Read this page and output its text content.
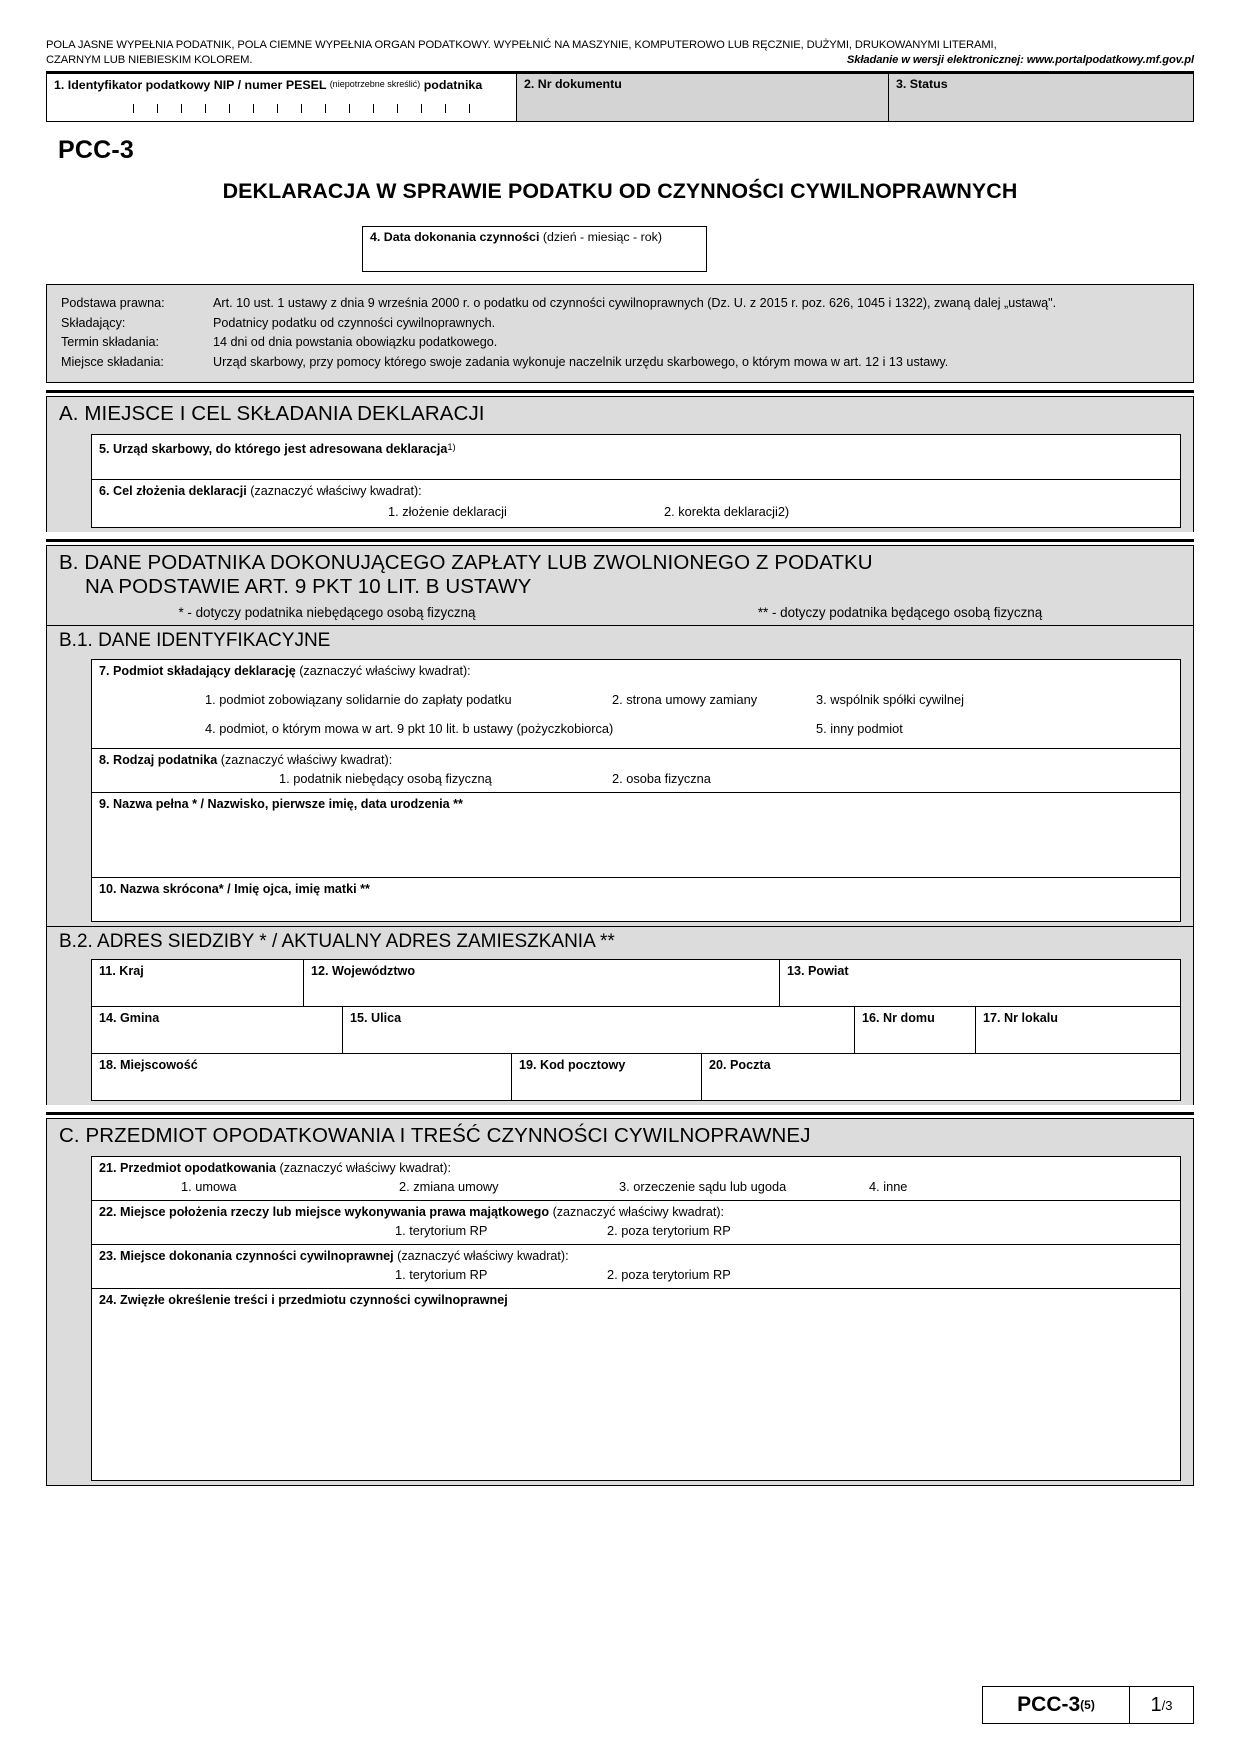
POLA JASNE WYPEŁNIA PODATNIK, POLA CIEMNE WYPEŁNIA ORGAN PODATKOWY. WYPEŁNIĆ NA MASZYNIE, KOMPUTEROWO LUB RĘCZNIE, DUŻYMI, DRUKOWANYMI LITERAMI,
CZARNYM LUB NIEBIESKIM KOLOREM.	Składanie w wersji elektronicznej: www.portalpodatkowy.mf.gov.pl
1. Identyfikator podatkowy NIP / numer PESEL $^{(niepotrzebne skreślić)}$ podatnika	2. Nr dokumentu	3. Status
PCC-3
DEKLARACJA W SPRAWIE PODATKU OD CZYNNOŚCI CYWILNOPRAWNYCH
4. Data dokonania czynności (dzień - miesiąc - rok)
Podstawa prawna:	Art. 10 ust. 1 ustawy z dnia 9 września 2000 r. o podatku od czynności cywilnoprawnych (Dz. U. z 2015 r. poz. 626, 1045 i 1322), zwaną dalej „ustawą".
Składający:	Podatnicy podatku od czynności cywilnoprawnych.
Termin składania:	14 dni od dnia powstania obowiązku podatkowego.
Miejsce składania:	Urząd skarbowy, przy pomocy którego swoje zadania wykonuje naczelnik urzędu skarbowego, o którym mowa w art. 12 i 13 ustawy.
A. MIEJSCE I CEL SKŁADANIA DEKLARACJI
5. Urząd skarbowy, do którego jest adresowana deklaracja$^{1)}$
6. Cel złożenia deklaracji (zaznaczyć właściwy kwadrat):
1. złożenie deklaracji	2. korekta deklaracji2)
B. DANE PODATNIKA DOKONUJĄCEGO ZAPŁATY LUB ZWOLNIONEGO Z PODATKU
NA PODSTAWIE ART. 9 PKT 10 LIT. B USTAWY
* - dotyczy podatnika niebędącego osobą fizyczną	** - dotyczy podatnika będącego osobą fizyczną
B.1. DANE IDENTYFIKACYJNE
7. Podmiot składający deklarację (zaznaczyć właściwy kwadrat):
1. podmiot zobowiązany solidarnie do zapłaty podatku	2. strona umowy zamiany	3. wspólnik spółki cywilnej
4. podmiot, o którym mowa w art. 9 pkt 10 lit. b ustawy (pożyczkobiorca)	5. inny podmiot
8. Rodzaj podatnika (zaznaczyć właściwy kwadrat):
1. podatnik niebędący osobą fizyczną	2. osoba fizyczna
9. Nazwa pełna * / Nazwisko, pierwsze imię, data urodzenia **
10. Nazwa skrócona* / Imię ojca, imię matki **
B.2. ADRES SIEDZIBY * / AKTUALNY ADRES ZAMIESZKANIA **
11. Kraj	12. Województwo	13. Powiat
14. Gmina	15. Ulica	16. Nr domu	17. Nr lokalu
18. Miejscowość	19. Kod pocztowy	20. Poczta
C. PRZEDMIOT OPODATKOWANIA I TREŚĆ CZYNNOŚCI CYWILNOPRAWNEJ
21. Przedmiot opodatkowania (zaznaczyć właściwy kwadrat):
1. umowa	2. zmiana umowy	3. orzeczenie sądu lub ugoda	4. inne
22. Miejsce położenia rzeczy lub miejsce wykonywania prawa majątkowego (zaznaczyć właściwy kwadrat):
1. terytorium RP	2. poza terytorium RP
23. Miejsce dokonania czynności cywilnoprawnej (zaznaczyć właściwy kwadrat):
1. terytorium RP	2. poza terytorium RP
24. Zwięzłe określenie treści i przedmiotu czynności cywilnoprawnej
PCC-3 (5)	1 /3
